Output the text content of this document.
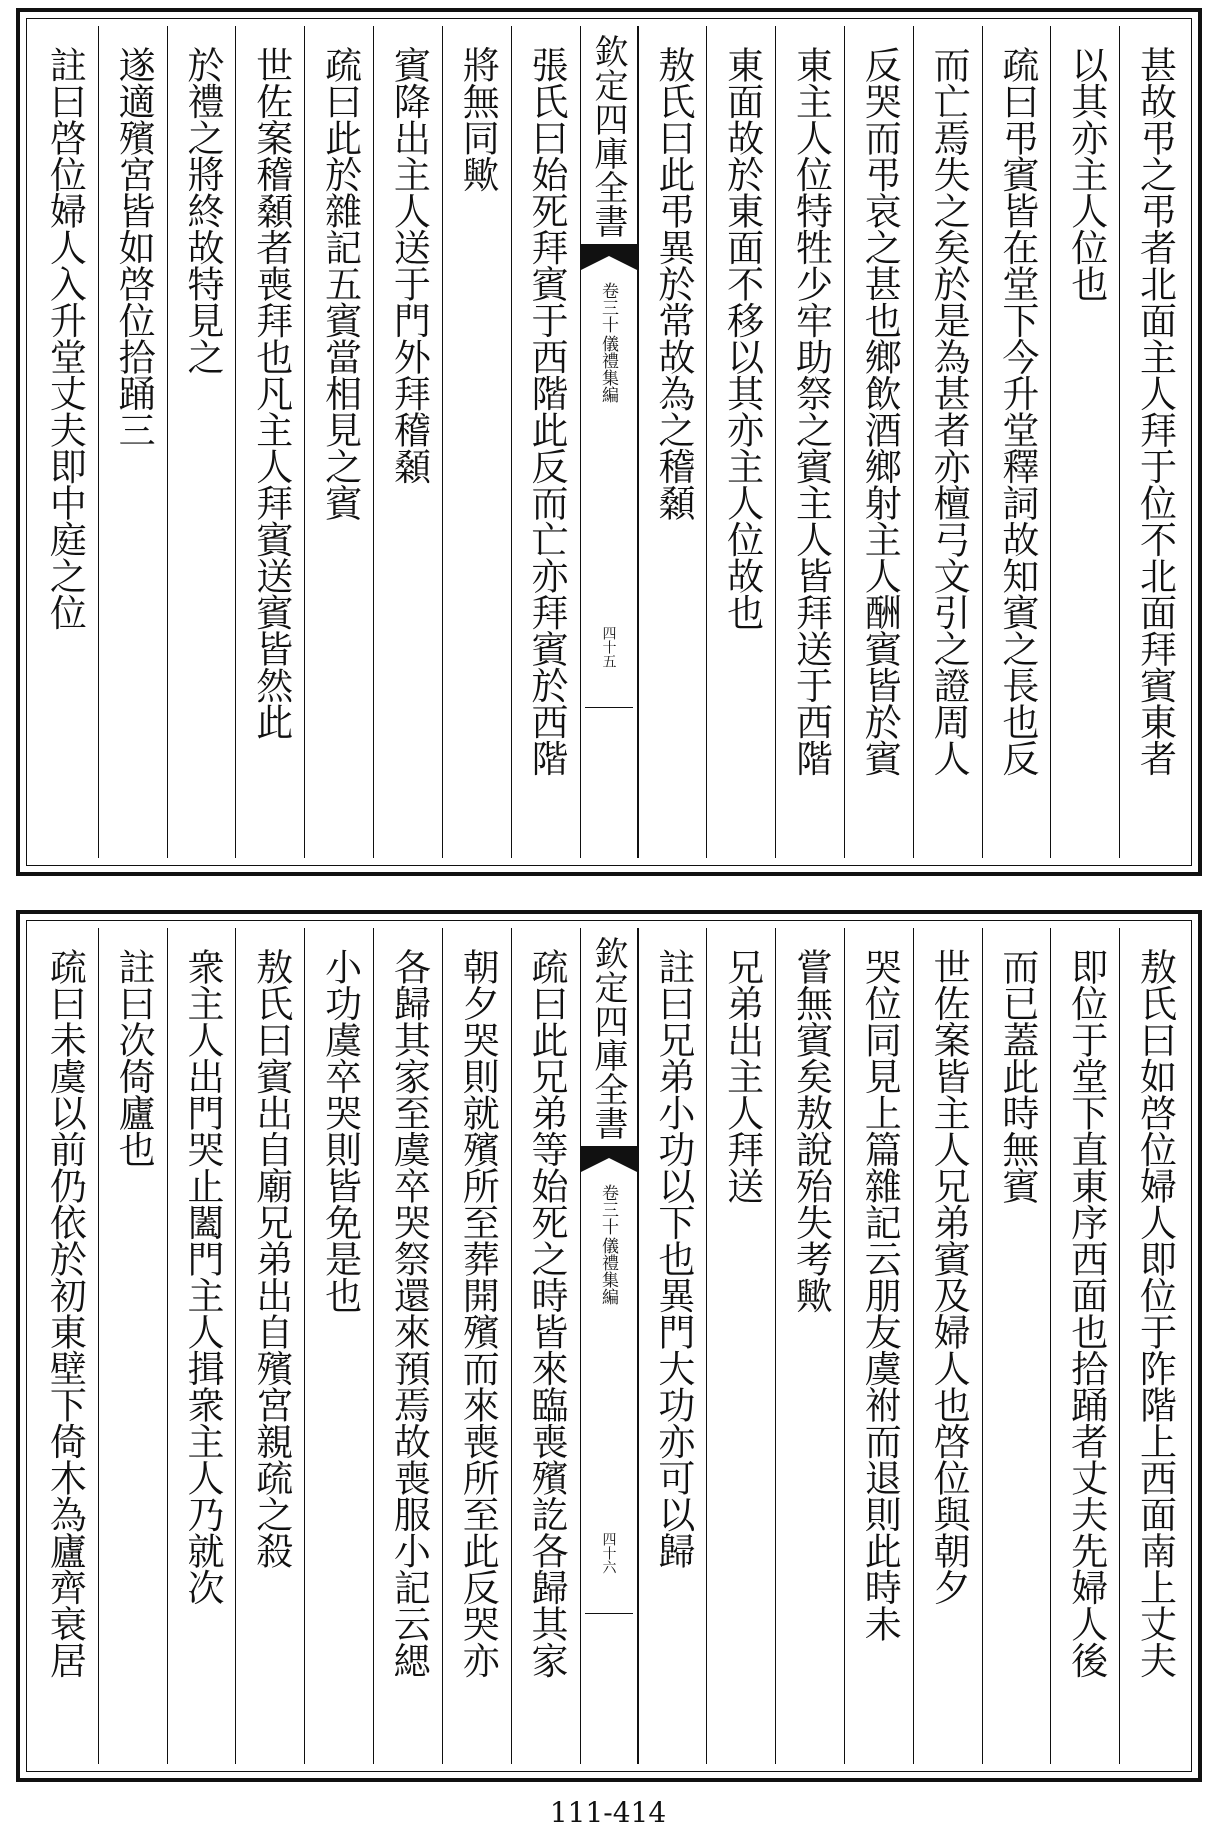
甚故弔之弔者北面主人拜于位不北面拜賓東者
以其亦主人位也
疏曰弔賓皆在堂下今升堂釋詞故知賓之長也反
而亡焉失之矣於是為甚者亦檀弓文引之證周人
反哭而弔哀之甚也鄉飲酒鄉射主人酬賓皆於賓
東主人位特牲少牢助祭之賓主人皆拜送于西階
東面故於東面不移以其亦主人位故也
敖氏曰此弔異於常故為之稽顙
欽定四庫全書
儀禮集編
卷三十
四十五
張氏曰始死拜賓于西階此反而亡亦拜賓於西階
將無同歟
賓降出主人送于門外拜稽顙
疏曰此於雜記五賓當相見之賓
世佐案稽顙者喪拜也凡主人拜賓送賓皆然此
於禮之將終故特見之
遂適殯宮皆如啓位拾踊三
註曰啓位婦人入升堂丈夫即中庭之位
敖氏曰如啓位婦人即位于阼階上西面南上丈夫
即位于堂下直東序西面也拾踊者丈夫先婦人後
而已蓋此時無賓
世佐案皆主人兄弟賓及婦人也啓位與朝夕
哭位同見上篇雜記云朋友虞祔而退則此時未
嘗無賓矣敖說殆失考歟
兄弟出主人拜送
註曰兄弟小功以下也異門大功亦可以歸
欽定四庫全書
儀禮集編
卷三十
四十六
疏曰此兄弟等始死之時皆來臨喪殯訖各歸其家
朝夕哭則就殯所至葬開殯而來喪所至此反哭亦
各歸其家至虞卒哭祭還來預焉故喪服小記云緦
小功虞卒哭則皆免是也
敖氏曰賓出自廟兄弟出自殯宮親疏之殺
衆主人出門哭止闔門主人揖衆主人乃就次
註曰次倚廬也
疏曰未虞以前仍依於初東壁下倚木為廬齊衰居
111-414
